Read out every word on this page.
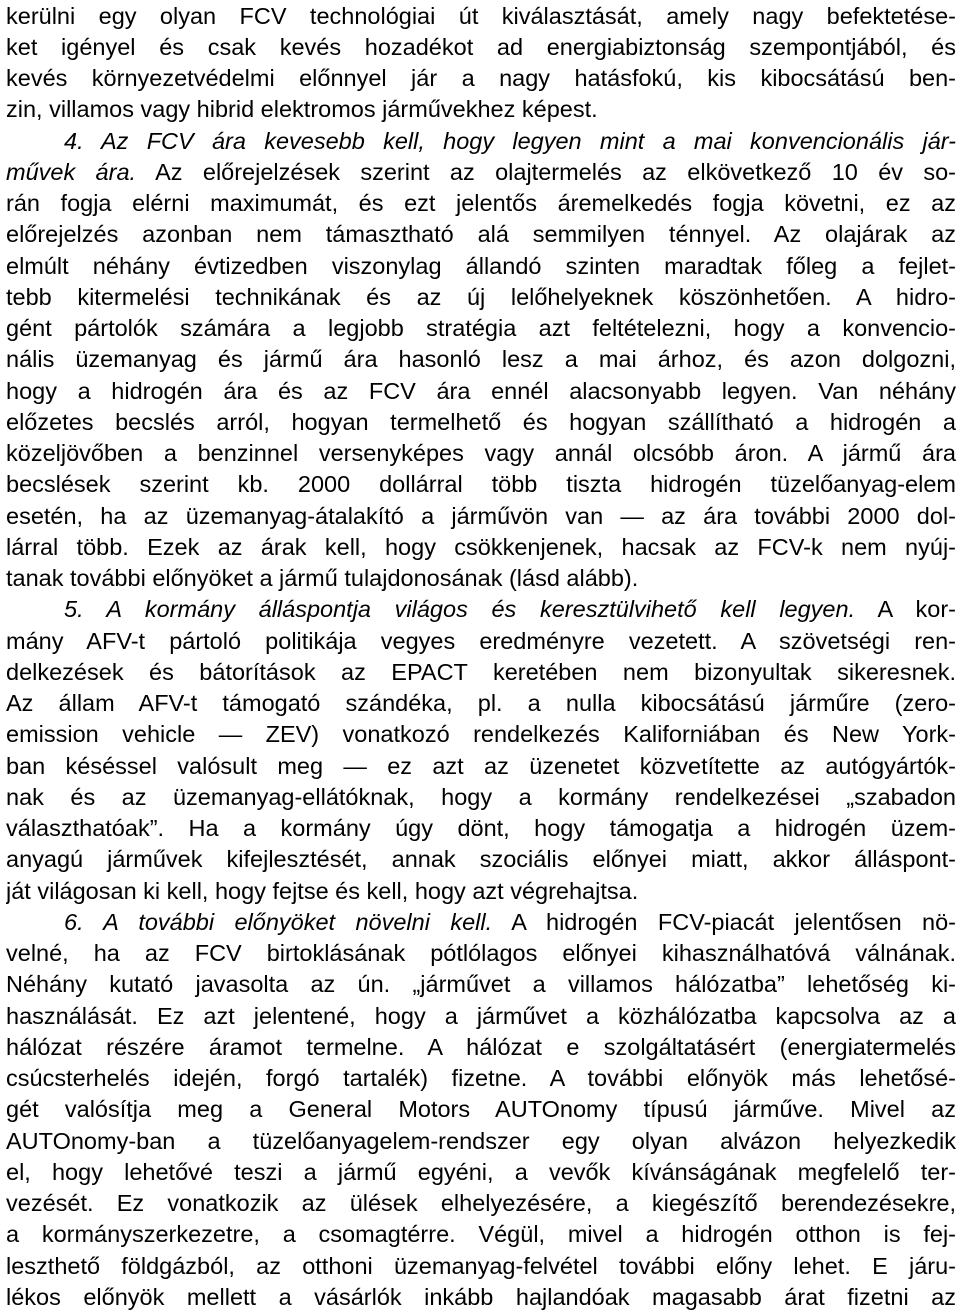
kerülni egy olyan FCV technológiai út kiválasztását, amely nagy befektetése-
ket igényel és csak kevés hozadékot ad energiabiztonság szempontjából, és
kevés környezetvédelmi előnnyel jár a nagy hatásfokú, kis kibocsátású ben-
zin, villamos vagy hibrid elektromos járművekhez képest.
4. Az FCV ára kevesebb kell, hogy legyen mint a mai konvencionális jár-
művek ára. Az előrejelzések szerint az olajtermelés az elkövetkező 10 év so-
rán fogja elérni maximumát, és ezt jelentős áremelkedés fogja követni, ez az
előrejelzés azonban nem támasztható alá semmilyen ténnyel. Az olajárak az
elmúlt néhány évtizedben viszonylag állandó szinten maradtak főleg a fejlet-
tebb kitermelési technikának és az új lelőhelyeknek köszönhetően. A hidro-
gént pártolók számára a legjobb stratégia azt feltételezni, hogy a konvencio-
nális üzemanyag és jármű ára hasonló lesz a mai árhoz, és azon dolgozni,
hogy a hidrogén ára és az FCV ára ennél alacsonyabb legyen. Van néhány
előzetes becslés arról, hogyan termelhető és hogyan szállítható a hidrogén a
közeljövőben a benzinnel versenyképes vagy annál olcsóbb áron. A jármű ára
becslések szerint kb. 2000 dollárral több tiszta hidrogén tüzelőanyag-elem
esetén, ha az üzemanyag-átalakító a járművön van — az ára további 2000 dol-
lárral több. Ezek az árak kell, hogy csökkenjenek, hacsak az FCV-k nem nyúj-
tanak további előnyöket a jármű tulajdonosának (lásd alább).
5. A kormány álláspontja világos és keresztülvihető kell legyen. A kor-
mány AFV-t pártoló politikája vegyes eredményre vezetett. A szövetségi ren-
delkezések és bátorítások az EPACT keretében nem bizonyultak sikeresnek.
Az állam AFV-t támogató szándéka, pl. a nulla kibocsátású járműre (zero-
emission vehicle — ZEV) vonatkozó rendelkezés Kaliforniában és New York-
ban késéssel valósult meg — ez azt az üzenetet közvetítette az autógyártók-
nak és az üzemanyag-ellátóknak, hogy a kormány rendelkezései „szabadon
választhatóak”. Ha a kormány úgy dönt, hogy támogatja a hidrogén üzem-
anyagú járművek kifejlesztését, annak szociális előnyei miatt, akkor álláspont-
ját világosan ki kell, hogy fejtse és kell, hogy azt végrehajtsa.
6. A további előnyöket növelni kell. A hidrogén FCV-piacát jelentősen nö-
velné, ha az FCV birtoklásának pótlólagos előnyei kihasználhatóvá válnának.
Néhány kutató javasolta az ún. „járművet a villamos hálózatba” lehetőség ki-
használását. Ez azt jelentené, hogy a járművet a közhálózatba kapcsolva az a
hálózat részére áramot termelne. A hálózat e szolgáltatásért (energiatermelés
csúcsterhelés idején, forgó tartalék) fizetne. A további előnyök más lehetősé-
gét valósítja meg a General Motors AUTOnomy típusú járműve. Mivel az
AUTOnomy-ban a tüzelőanyagelem-rendszer egy olyan alvázon helyezkedik
el, hogy lehetővé teszi a jármű egyéni, a vevők kívánságának megfelelő ter-
vezését. Ez vonatkozik az ülések elhelyezésére, a kiegészítő berendezésekre,
a kormányszerkezetre, a csomagtérre. Végül, mivel a hidrogén otthon is fej-
leszthető földgázból, az otthoni üzemanyag-felvétel további előny lehet. E járu-
lékos előnyök mellett a vásárlók inkább hajlandóak magasabb árat fizetni az
